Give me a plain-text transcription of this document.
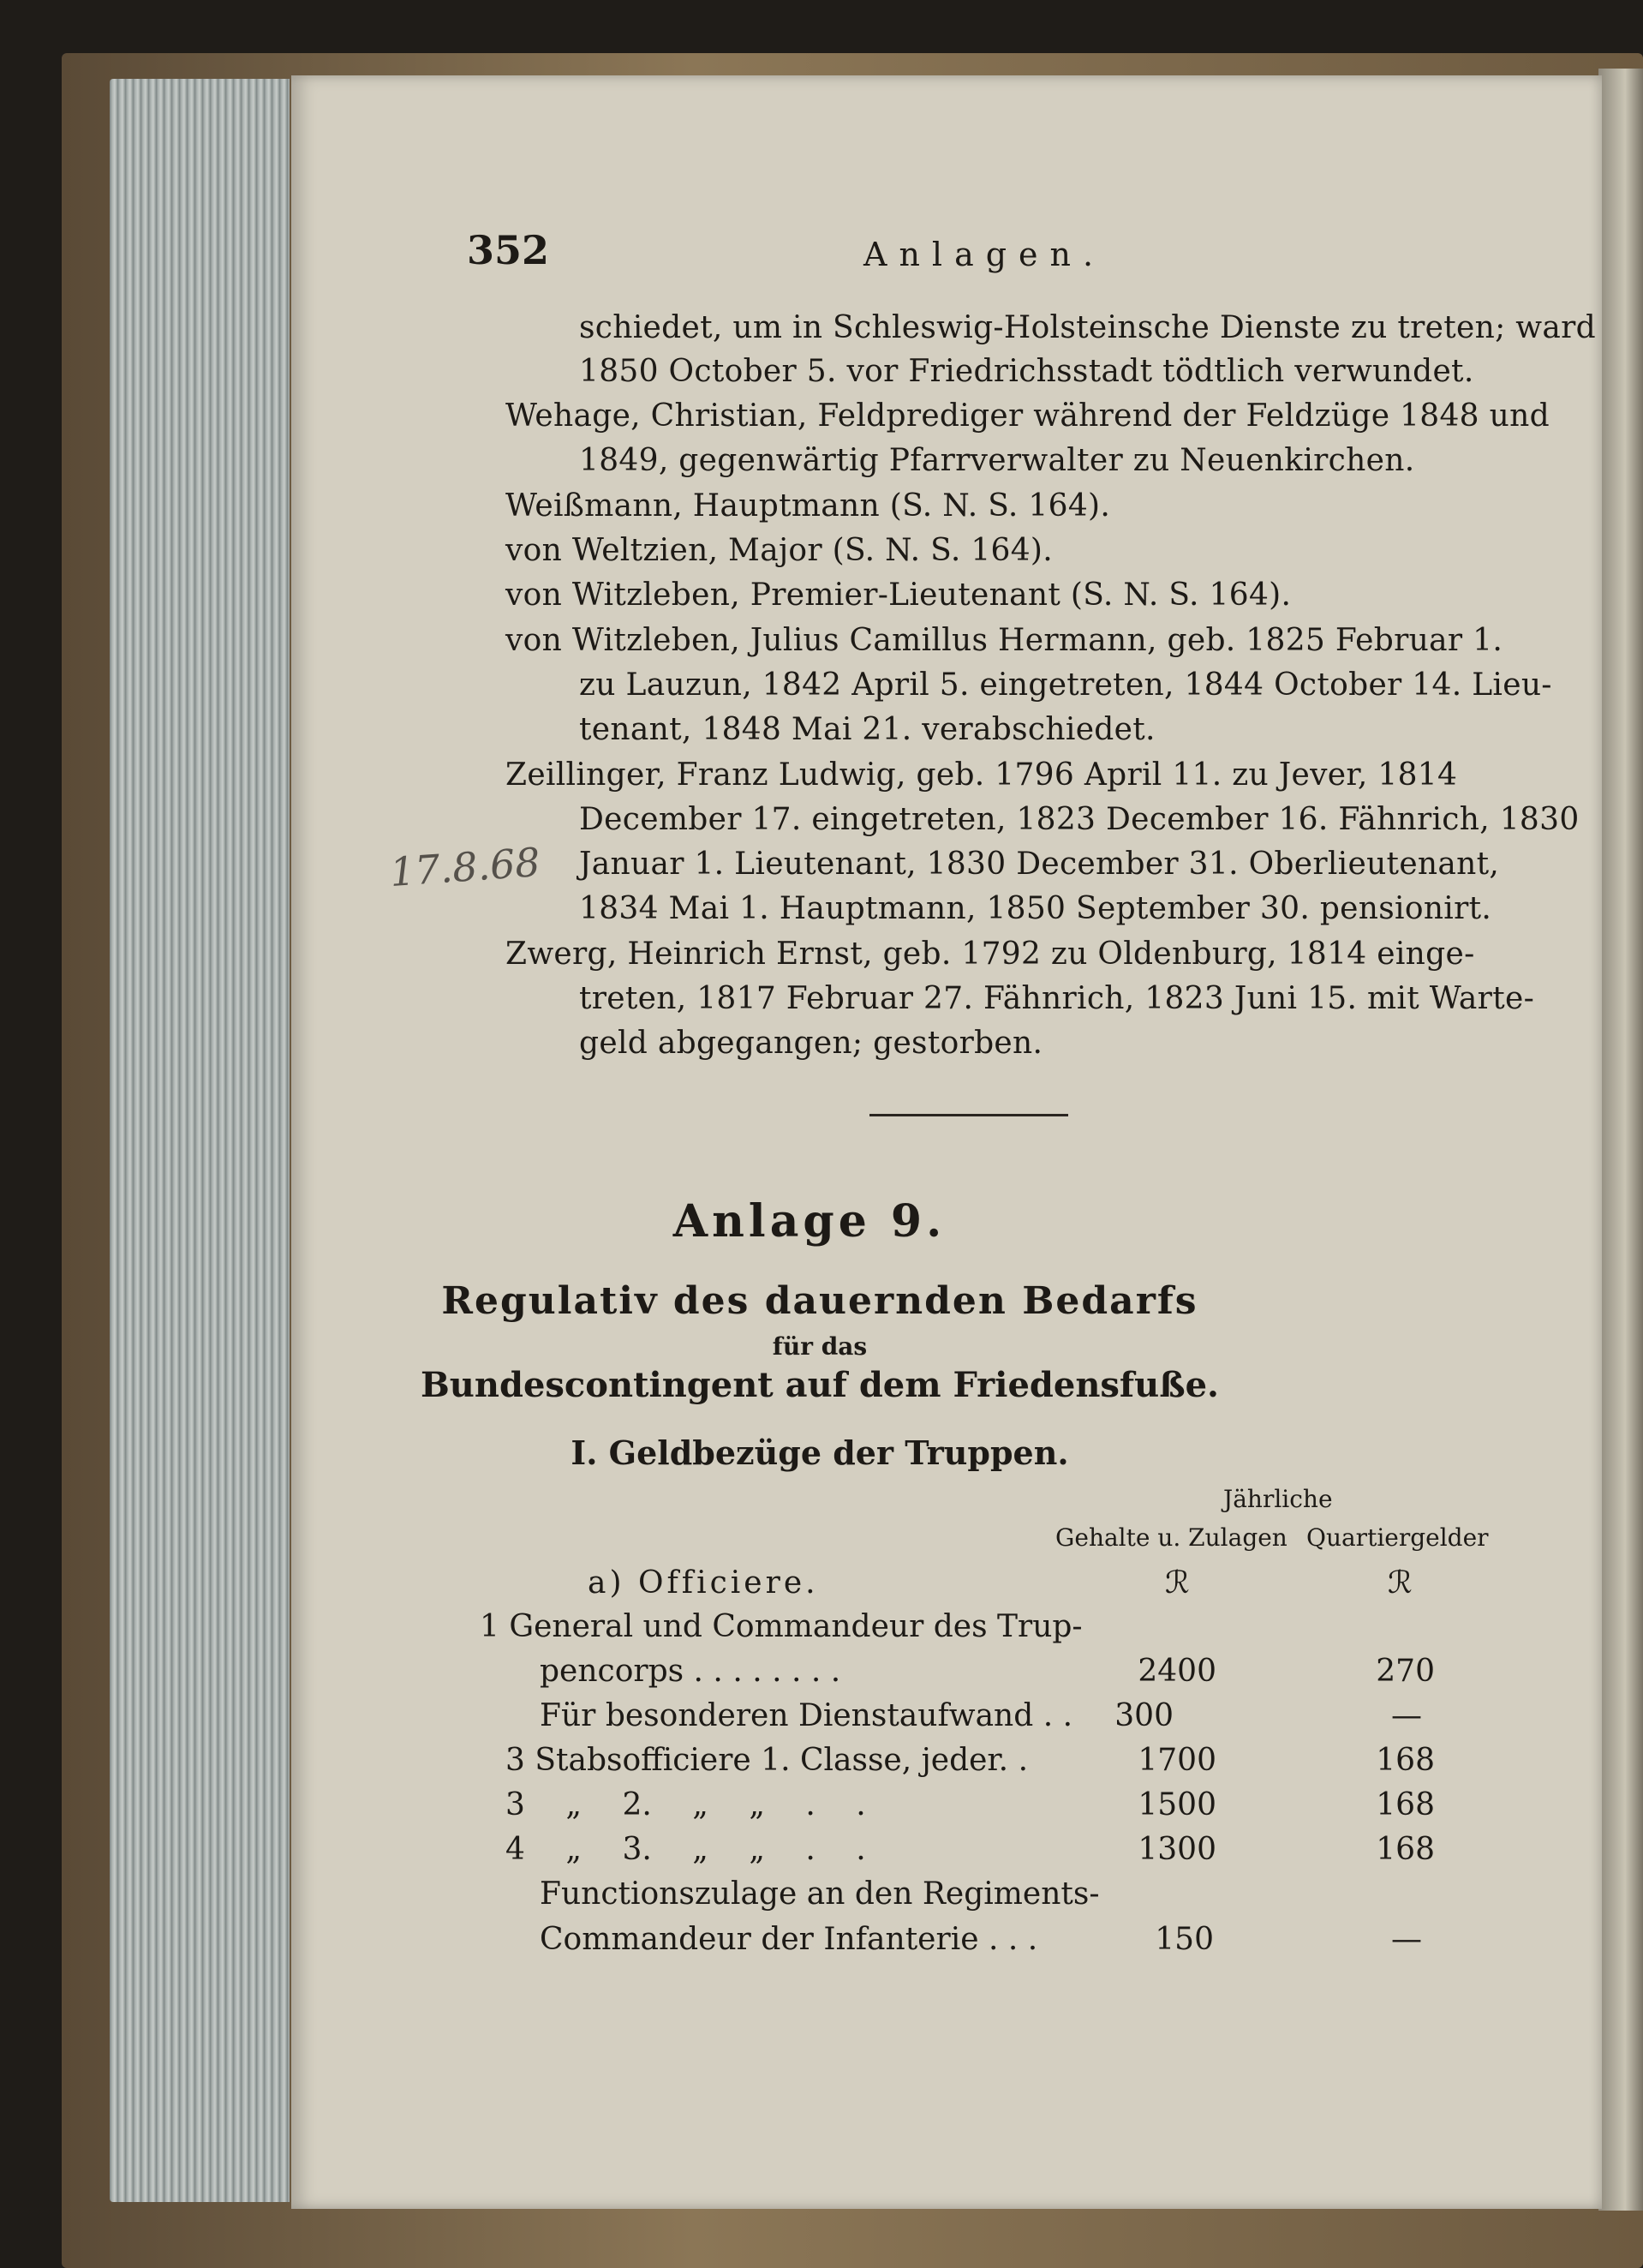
352	Anlagen.
schiedet, um in Schleswig-Holsteinsche Dienste zu treten; ward
1850 October 5. vor Friedrichsstadt tödtlich verwundet.
Wehage, Christian, Feldprediger während der Feldzüge 1848 und
1849, gegenwärtig Pfarrverwalter zu Neuenkirchen.
Weißmann, Hauptmann (S. N. S. 164).
von Weltzien, Major (S. N. S. 164).
von Witzleben, Premier-Lieutenant (S. N. S. 164).
von Witzleben, Julius Camillus Hermann, geb. 1825 Februar 1.
zu Lauzun, 1842 April 5. eingetreten, 1844 October 14. Lieu-
tenant, 1848 Mai 21. verabschiedet.
Zeillinger, Franz Ludwig, geb. 1796 April 11. zu Jever, 1814
December 17. eingetreten, 1823 December 16. Fähnrich, 1830
Januar 1. Lieutenant, 1830 December 31. Oberlieutenant,
1834 Mai 1. Hauptmann, 1850 September 30. pensionirt.
Zwerg, Heinrich Ernst, geb. 1792 zu Oldenburg, 1814 einge-
treten, 1817 Februar 27. Fähnrich, 1823 Juni 15. mit Warte-
geld abgegangen; gestorben.
17.8.68
Anlage 9.
Regulativ des dauernden Bedarfs
für das
Bundescontingent auf dem Friedensfuße.
I. Geldbezüge der Truppen.
Jährliche
Gehalte u. Zulagen Quartiergelder
a) Officiere.	ℛ	ℛ
1 General und Commandeur des Trup-
pencorps . . . . . . . .	2400	270
Für besonderen Dienstaufwand . .	300	—
3 Stabsofficiere 1. Classe, jeder. .	1700	168
3 „ 2. „ „ . .	1500	168
4 „ 3. „ „ . .	1300	168
Functionszulage an den Regiments-
Commandeur der Infanterie . . .	150	—
